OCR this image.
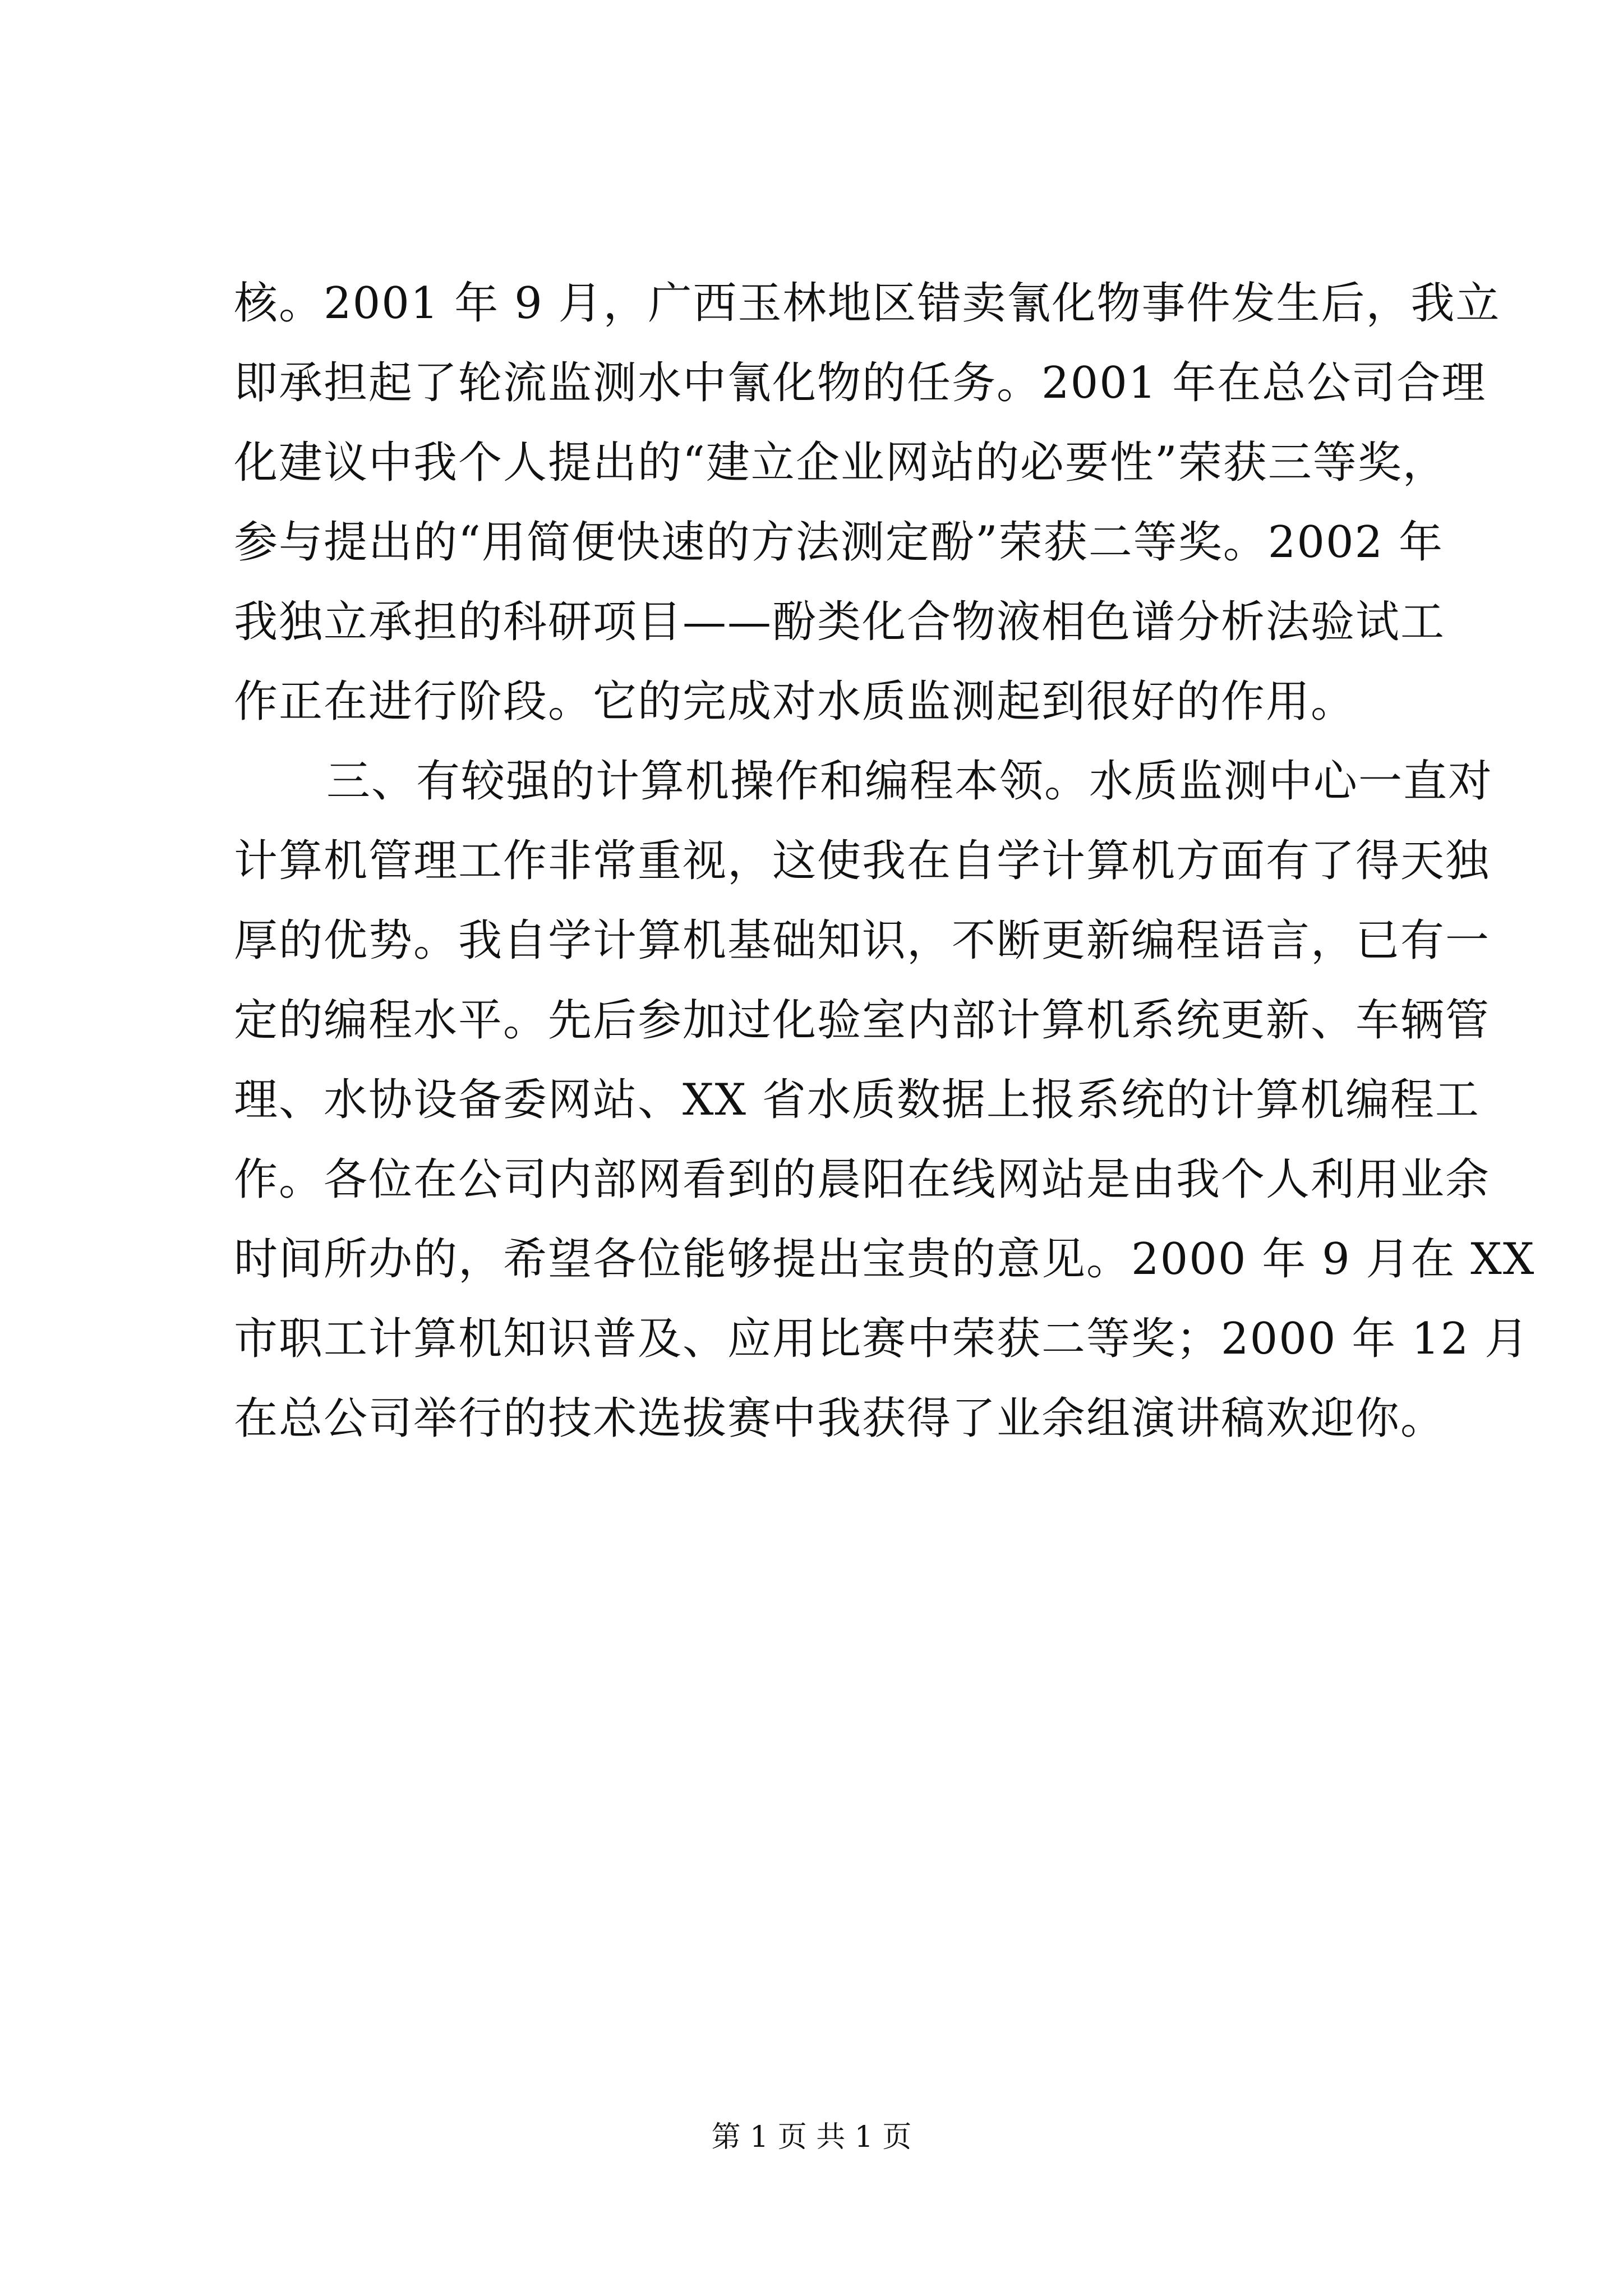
核。2001 年 9 月，广西玉林地区错卖氰化物事件发生后，我立
即承担起了轮流监测水中氰化物的任务。2001 年在总公司合理
化建议中我个人提出的“建立企业网站的必要性”荣获三等奖，
参与提出的“用简便快速的方法测定酚”荣获二等奖。2002 年
我独立承担的科研项目——酚类化合物液相色谱分析法验试工
作正在进行阶段。它的完成对水质监测起到很好的作用。
三、有较强的计算机操作和编程本领。水质监测中心一直对
计算机管理工作非常重视，这使我在自学计算机方面有了得天独
厚的优势。我自学计算机基础知识，不断更新编程语言，已有一
定的编程水平。先后参加过化验室内部计算机系统更新、车辆管
理、水协设备委网站、XX 省水质数据上报系统的计算机编程工
作。各位在公司内部网看到的晨阳在线网站是由我个人利用业余
时间所办的，希望各位能够提出宝贵的意见。2000 年 9 月在 XX
市职工计算机知识普及、应用比赛中荣获二等奖；2000 年 12 月
在总公司举行的技术选拔赛中我获得了业余组演讲稿欢迎你。
第 1 页 共 1 页
